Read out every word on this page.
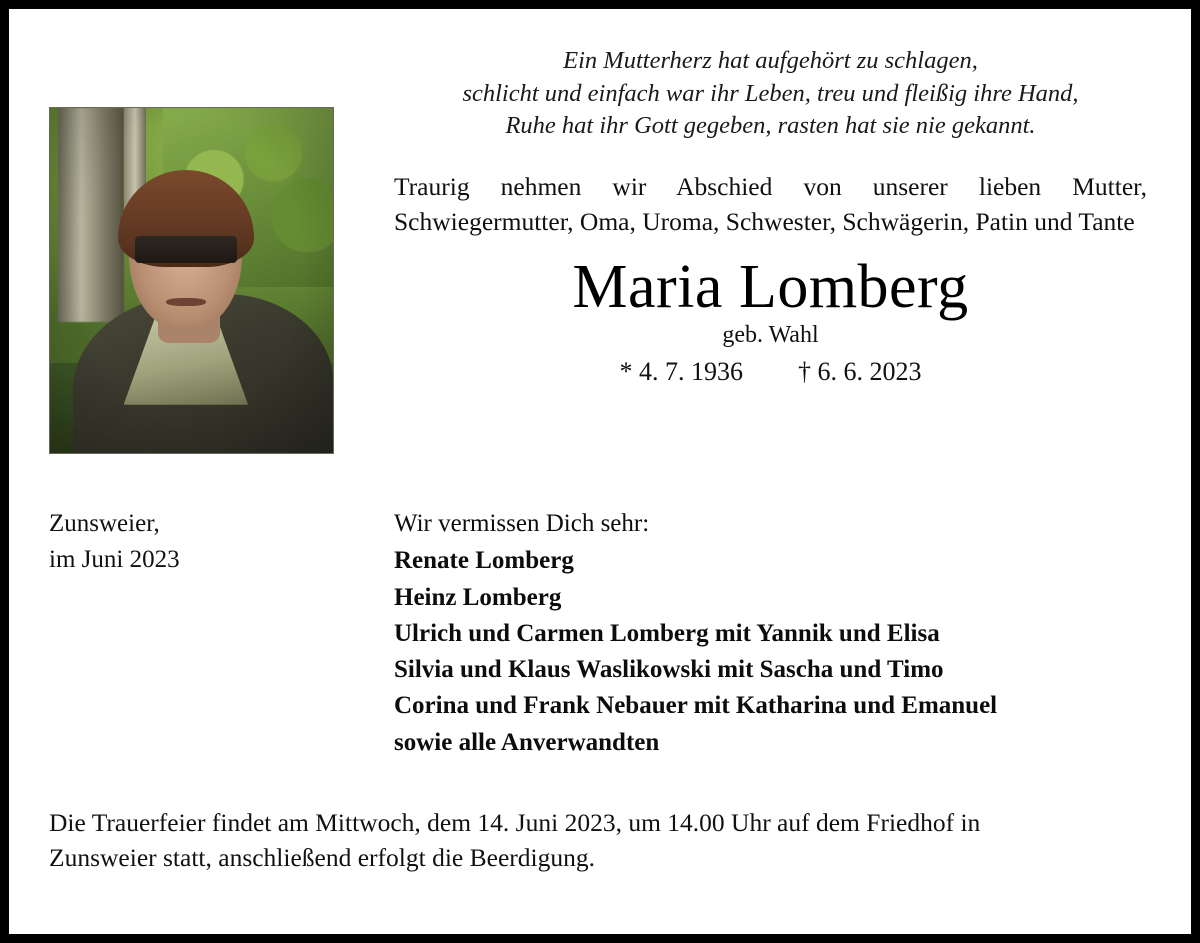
Ein Mutterherz hat aufgehört zu schlagen,
schlicht und einfach war ihr Leben, treu und fleißig ihre Hand,
Ruhe hat ihr Gott gegeben, rasten hat sie nie gekannt.

Traurig nehmen wir Abschied von unserer lieben Mutter, Schwiegermutter, Oma, Uroma, Schwester, Schwägerin, Patin und Tante

Maria Lomberg
geb. Wahl
* 4. 7. 1936 † 6. 6. 2023
Zunsweier,
im Juni 2023
Wir vermissen Dich sehr:
Renate Lomberg
Heinz Lomberg
Ulrich und Carmen Lomberg mit Yannik und Elisa
Silvia und Klaus Waslikowski mit Sascha und Timo
Corina und Frank Nebauer mit Katharina und Emanuel
sowie alle Anverwandten
Die Trauerfeier findet am Mittwoch, dem 14. Juni 2023, um 14.00 Uhr auf dem Friedhof in
Zunsweier statt, anschließend erfolgt die Beerdigung.
